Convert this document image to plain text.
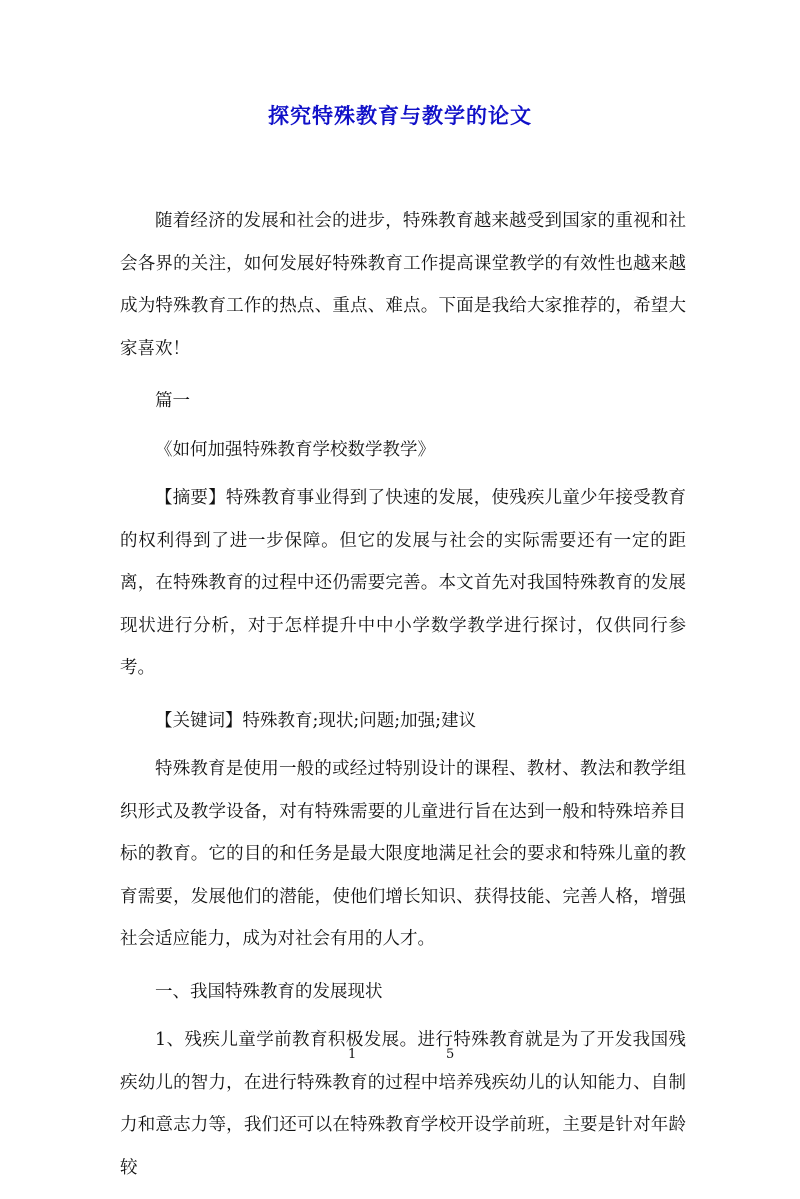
探究特殊教育与教学的论文

随着经济的发展和社会的进步，特殊教育越来越受到国家的重视和社会各界的关注，如何发展好特殊教育工作提高课堂教学的有效性也越来越成为特殊教育工作的热点、重点、难点。下面是我给大家推荐的，希望大家喜欢！

篇一

《如何加强特殊教育学校数学教学》

【摘要】特殊教育事业得到了快速的发展，使残疾儿童少年接受教育的权利得到了进一步保障。但它的发展与社会的实际需要还有一定的距离，在特殊教育的过程中还仍需要完善。本文首先对我国特殊教育的发展现状进行分析，对于怎样提升中中小学数学教学进行探讨，仅供同行参考。

【关键词】特殊教育;现状;问题;加强;建议

特殊教育是使用一般的或经过特别设计的课程、教材、教法和教学组织形式及教学设备，对有特殊需要的儿童进行旨在达到一般和特殊培养目标的教育。它的目的和任务是最大限度地满足社会的要求和特殊儿童的教育需要，发展他们的潜能，使他们增长知识、获得技能、完善人格，增强社会适应能力，成为对社会有用的人才。

一、我国特殊教育的发展现状

1、残疾儿童学前教育积极发展。进行特殊教育就是为了开发我国残疾幼儿的智力，在进行特殊教育的过程中培养残疾幼儿的认知能力、自制力和意志力等，我们还可以在特殊教育学校开设学前班，主要是针对年龄较

1	5
